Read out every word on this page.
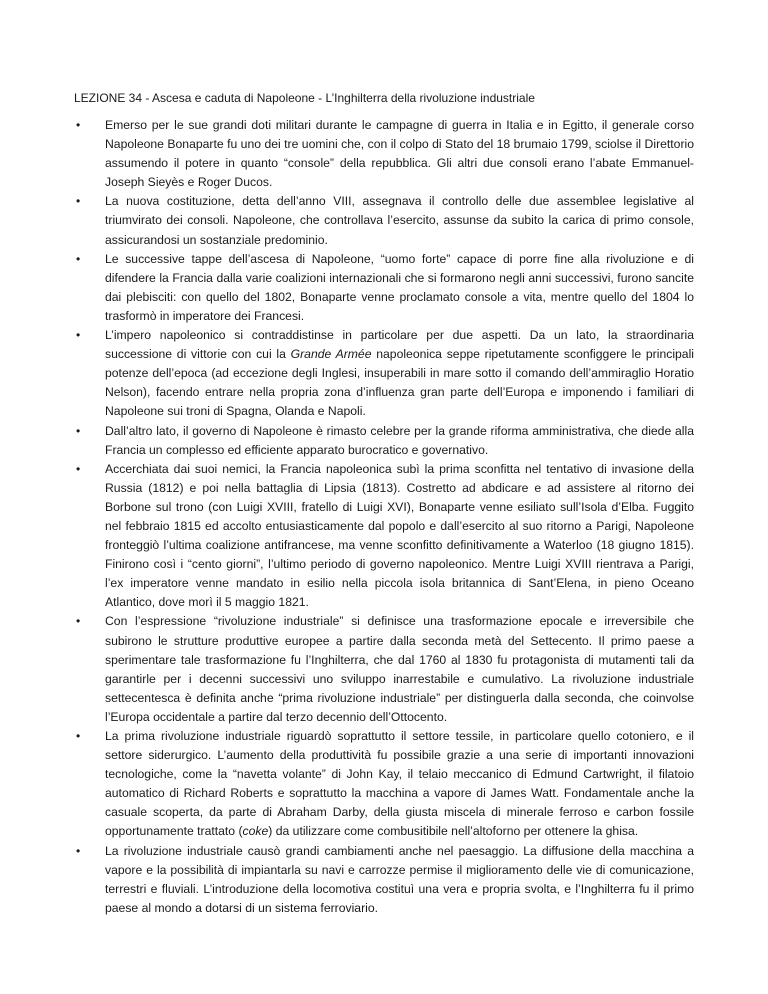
LEZIONE 34 - Ascesa e caduta di Napoleone - L’Inghilterra della rivoluzione industriale
• Emerso per le sue grandi doti militari durante le campagne di guerra in Italia e in Egitto, il generale corso Napoleone Bonaparte fu uno dei tre uomini che, con il colpo di Stato del 18 brumaio 1799, sciolse il Direttorio assumendo il potere in quanto “console” della repubblica. Gli altri due consoli erano l’abate Emmanuel-Joseph Sieyès e Roger Ducos.
• La nuova costituzione, detta dell’anno VIII, assegnava il controllo delle due assemblee legislative al triumvirato dei consoli. Napoleone, che controllava l’esercito, assunse da subito la carica di primo console, assicurandosi un sostanziale predominio.
• Le successive tappe dell’ascesa di Napoleone, “uomo forte” capace di porre fine alla rivoluzione e di difendere la Francia dalla varie coalizioni internazionali che si formarono negli anni successivi, furono sancite dai plebisciti: con quello del 1802, Bonaparte venne proclamato console a vita, mentre quello del 1804 lo trasformò in imperatore dei Francesi.
• L’impero napoleonico si contraddistinse in particolare per due aspetti. Da un lato, la straordinaria successione di vittorie con cui la Grande Armée napoleonica seppe ripetutamente sconfiggere le principali potenze dell’epoca (ad eccezione degli Inglesi, insuperabili in mare sotto il comando dell’ammiraglio Horatio Nelson), facendo entrare nella propria zona d’influenza gran parte dell’Europa e imponendo i familiari di Napoleone sui troni di Spagna, Olanda e Napoli.
• Dall’altro lato, il governo di Napoleone è rimasto celebre per la grande riforma amministrativa, che diede alla Francia un complesso ed efficiente apparato burocratico e governativo.
• Accerchiata dai suoi nemici, la Francia napoleonica subì la prima sconfitta nel tentativo di invasione della Russia (1812) e poi nella battaglia di Lipsia (1813). Costretto ad abdicare e ad assistere al ritorno dei Borbone sul trono (con Luigi XVIII, fratello di Luigi XVI), Bonaparte venne esiliato sull’Isola d’Elba. Fuggito nel febbraio 1815 ed accolto entusiasticamente dal popolo e dall’esercito al suo ritorno a Parigi, Napoleone fronteggiò l’ultima coalizione antifrancese, ma venne sconfitto definitivamente a Waterloo (18 giugno 1815). Finirono così i “cento giorni”, l’ultimo periodo di governo napoleonico. Mentre Luigi XVIII rientrava a Parigi, l’ex imperatore venne mandato in esilio nella piccola isola britannica di Sant’Elena, in pieno Oceano Atlantico, dove morì il 5 maggio 1821.
• Con l’espressione “rivoluzione industriale” si definisce una trasformazione epocale e irreversibile che subirono le strutture produttive europee a partire dalla seconda metà del Settecento. Il primo paese a sperimentare tale trasformazione fu l’Inghilterra, che dal 1760 al 1830 fu protagonista di mutamenti tali da garantirle per i decenni successivi uno sviluppo inarrestabile e cumulativo. La rivoluzione industriale settecentesca è definita anche “prima rivoluzione industriale” per distinguerla dalla seconda, che coinvolse l’Europa occidentale a partire dal terzo decennio dell’Ottocento.
• La prima rivoluzione industriale riguardò soprattutto il settore tessile, in particolare quello cotoniero, e il settore siderurgico. L’aumento della produttività fu possibile grazie a una serie di importanti innovazioni tecnologiche, come la “navetta volante” di John Kay, il telaio meccanico di Edmund Cartwright, il filatoio automatico di Richard Roberts e soprattutto la macchina a vapore di James Watt. Fondamentale anche la casuale scoperta, da parte di Abraham Darby, della giusta miscela di minerale ferroso e carbon fossile opportunamente trattato (coke) da utilizzare come combusitibile nell’altoforno per ottenere la ghisa.
• La rivoluzione industriale causò grandi cambiamenti anche nel paesaggio. La diffusione della macchina a vapore e la possibilità di impiantarla su navi e carrozze permise il miglioramento delle vie di comunicazione, terrestri e fluviali. L’introduzione della locomotiva costituì una vera e propria svolta, e l’Inghilterra fu il primo paese al mondo a dotarsi di un sistema ferroviario.
